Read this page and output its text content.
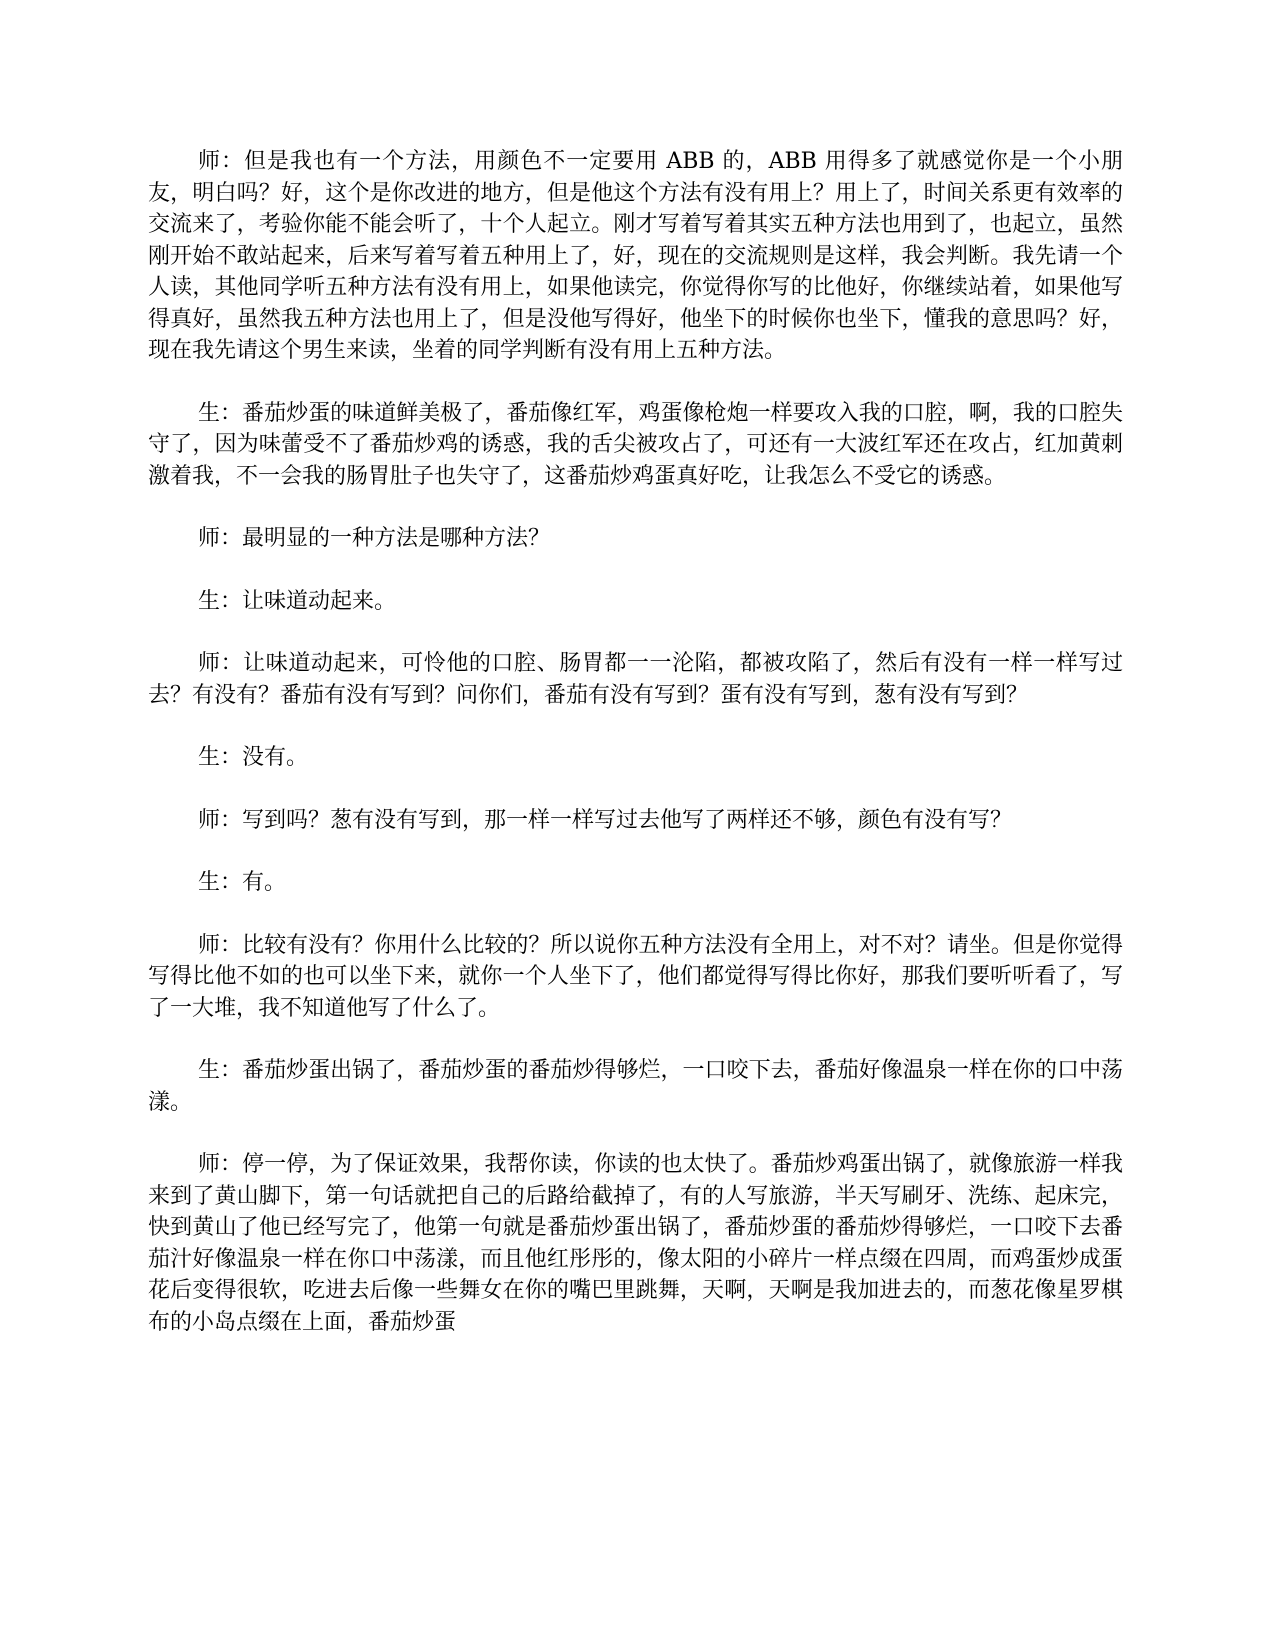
师：但是我也有一个方法，用颜色不一定要用 ABB 的，ABB 用得多了就感觉你是一个小朋友，明白吗？好，这个是你改进的地方，但是他这个方法有没有用上？用上了，时间关系更有效率的交流来了，考验你能不能会听了，十个人起立。刚才写着写着其实五种方法也用到了，也起立，虽然刚开始不敢站起来，后来写着写着五种用上了，好，现在的交流规则是这样，我会判断。我先请一个人读，其他同学听五种方法有没有用上，如果他读完，你觉得你写的比他好，你继续站着，如果他写得真好，虽然我五种方法也用上了，但是没他写得好，他坐下的时候你也坐下，懂我的意思吗？好，现在我先请这个男生来读，坐着的同学判断有没有用上五种方法。

生：番茄炒蛋的味道鲜美极了，番茄像红军，鸡蛋像枪炮一样要攻入我的口腔，啊，我的口腔失守了，因为味蕾受不了番茄炒鸡的诱惑，我的舌尖被攻占了，可还有一大波红军还在攻占，红加黄刺激着我，不一会我的肠胃肚子也失守了，这番茄炒鸡蛋真好吃，让我怎么不受它的诱惑。

师：最明显的一种方法是哪种方法？

生：让味道动起来。

师：让味道动起来，可怜他的口腔、肠胃都一一沦陷，都被攻陷了，然后有没有一样一样写过去？有没有？番茄有没有写到？问你们，番茄有没有写到？蛋有没有写到，葱有没有写到？

生：没有。

师：写到吗？葱有没有写到，那一样一样写过去他写了两样还不够，颜色有没有写？

生：有。

师：比较有没有？你用什么比较的？所以说你五种方法没有全用上，对不对？请坐。但是你觉得写得比他不如的也可以坐下来，就你一个人坐下了，他们都觉得写得比你好，那我们要听听看了，写了一大堆，我不知道他写了什么了。

生：番茄炒蛋出锅了，番茄炒蛋的番茄炒得够烂，一口咬下去，番茄好像温泉一样在你的口中荡漾。

师：停一停，为了保证效果，我帮你读，你读的也太快了。番茄炒鸡蛋出锅了，就像旅游一样我来到了黄山脚下，第一句话就把自己的后路给截掉了，有的人写旅游，半天写刷牙、洗练、起床完，快到黄山了他已经写完了，他第一句就是番茄炒蛋出锅了，番茄炒蛋的番茄炒得够烂，一口咬下去番茄汁好像温泉一样在你口中荡漾，而且他红彤彤的，像太阳的小碎片一样点缀在四周，而鸡蛋炒成蛋花后变得很软，吃进去后像一些舞女在你的嘴巴里跳舞，天啊，天啊是我加进去的，而葱花像星罗棋布的小岛点缀在上面，番茄炒蛋
